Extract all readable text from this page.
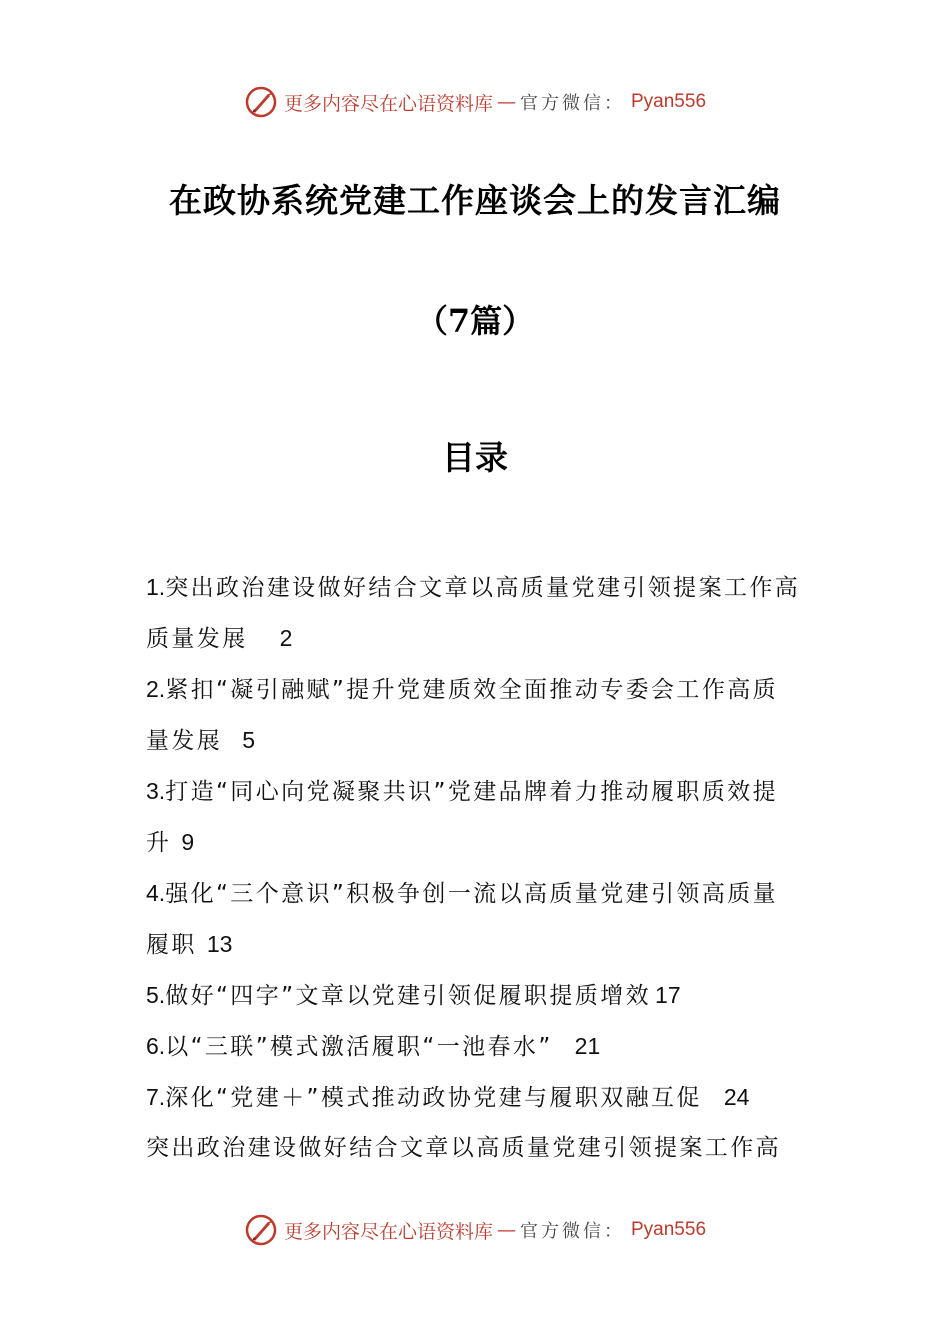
更多内容尽在心语资料库 — 官方微信： Pyan556
在政协系统党建工作座谈会上的发言汇编
（7篇）
目录
1.突出政治建设做好结合文章以高质量党建引领提案工作高
质量发展 2
2.紧扣“凝引融赋”提升党建质效全面推动专委会工作高质
量发展 5
3.打造“同心向党凝聚共识”党建品牌着力推动履职质效提
升 9
4.强化“三个意识”积极争创一流以高质量党建引领高质量
履职 13
5.做好“四字”文章以党建引领促履职提质增效 17
6.以“三联”模式激活履职“一池春水” 21
7.深化“党建＋”模式推动政协党建与履职双融互促 24
突出政治建设做好结合文章以高质量党建引领提案工作高
更多内容尽在心语资料库 — 官方微信： Pyan556
